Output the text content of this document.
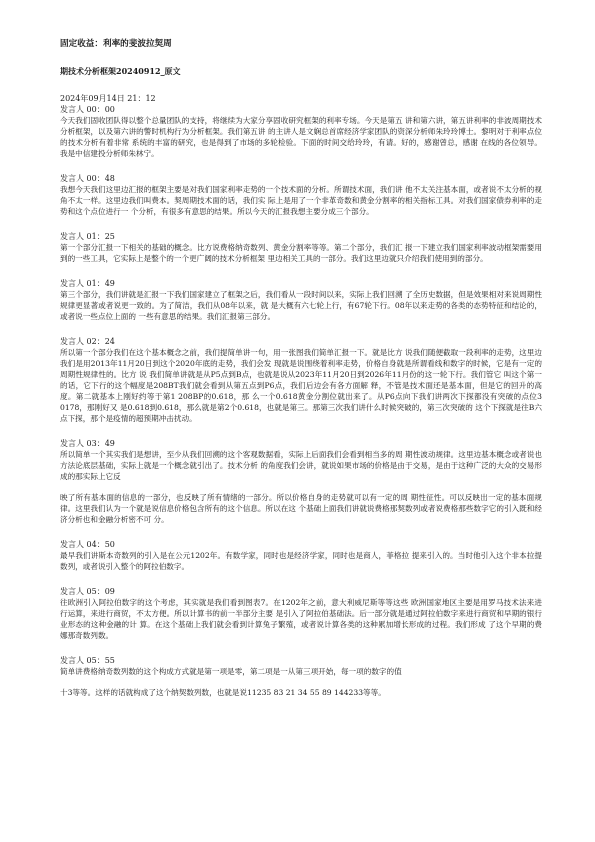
固定收益：利率的斐波拉契周
期技术分析框架20240912_原文
2024年09月14日 21：12
发言人 00：00

今天我们固收团队得以整个总量团队的支持，将继续为大家分享固收研究框架的利率专场。今天是第五 讲和第六讲，第五讲利率的非波周期技术分析框架，以及第六讲的警时机构行为分析框架。我们第五讲 的主讲人是文娴总首席经济学家团队的资深分析师朱玲玲博士。黎明对于利率点位的技术分析有着非常 系统的丰富的研究，也是得到了市场的多轮检验。下面的时间交给玲玲，有请。好的，感谢曾总，感谢 在线的各位领导。我是中信建投分析师朱林宁。

发言人 00：48

我想今天我们这里边汇报的框架主要是对我们国家利率走势的一个技术面的分析。所谓技术面，我们讲 他不太关注基本面，或者说不太分析的视角不太一样。这里边我们叫费本。契周期技术面的话，我们实 际上是用了一个非革奇数和黄金分割率的相关指标工具。对我们国家债券利率的走势和这个点位进行一 个分析，有很多有意思的结果。所以今天的汇报我想主要分成三个部分。

发言人 01：25

第一个部分汇报一下相关的基础的概念。比方说费格纳奇数列、黄金分割率等等。第二个部分，我们汇 报一下建立我们国家利率波动框架需要用到的一些工具，它实际上是整个的一个更广阔的技术分析框架 里边相关工具的一部分。我们这里边就只介绍我们使用到的部分。

发言人 01：49

第三个部分，我们讲就是汇报一下我们国家建立了框架之后，我们看从一段时间以来，实际上我们回溯 了全历史数据，但是效果相对来说周期性规律更显著或者说更一致的。为了简洁，我们从08年以来，就 是大概有六七轮上行，有67轮下行。08年以来走势的各类的态势特征和结论的，或者说一些点位上面的 一些有意思的结果。我们汇报第三部分。

发言人 02：24

所以第一个部分我们在这个基本概念之前，我们提简单讲一句，用一张图我们简单汇报一下。就是比方 说我们随便截取一段利率的走势，这里边我们是用2013年11月20日到这个2020年底的走势，我们会发 现就是说围绕着利率走势，价格自身就是所谓看线和数字的时候，它是有一定的周期性规律性的。比方 说 我们简单讲就是从P5点到B点，也就是说从2023年11月20日到2026年11月份的这一轮下行。我们管它 叫这个第一的话，它下行的这个幅度是208BT我们就会看到从第五点到P6点，我们后边会有各方面解 释，不管是技术面还是基本面，但是它的回升的高度。第二就基本上刚好约等于第1 208BP的0.618，那 么一个0.618黄金分割位就出来了。从P6点向下我们讲两次下探都没有突破的点位3 0178，那刚好又 是0.618到0.618，那么就是第2个0.618，也就是第三。那第三次我们讲什么时候突破的，第三次突破的 这个下探就是往B六点下探，那个是疫情的超预期冲击扰动。

发言人 03：49

所以简单一个其实我们是想讲，至少从我们回溯的这个客观数据看，实际上后面我们会看到相当多的周 期性波动规律。这里边基本概念或者说也方法论底层基础，实际上就是一个概念就引出了。技术分析 的角度我们会讲，就说如果市场的价格是由于交易，是由于这种广泛的大众的交易形成的那实际上它反

映了所有基本面的信息的一部分，也反映了所有情绪的一部分。所以价格自身的走势就可以有一定的周 期性征性。可以反映出一定的基本面规律。这里我们认为一个就是说信息价格包含所有的这个信息。所以在这 个基础上面我们讲就说费格那契数列或者说费格那些数字它的引入既和经济分析也和金融分析密不可 分。

发言人 04：50

最早我们讲斯本奇数列的引入是在公元1202年。有数学家，同时也是经济学家，同时也是商人，菲格拉 提来引入的。当时他引入这个非本拉提数列，或者说引入整个的阿拉伯数字。

发言人 05：09

往欧洲引入阿拉伯数字的这个考虑，其实就是我们看到图表7。在1202年之前，意大利威尼斯等等这些 欧洲国家地区主要是用罗马技术法来进行运算，来进行商贸，不太方便。所以计算书的前一半部分主要 是引入了阿拉伯基础法。后一部分就是通过阿拉伯数字来进行商贸和早期的银行业形态的这种金融的计 算。在这个基础上我们就会看到计算兔子繁殖，或者说计算各类的这种累加增长形成的过程。我们形成 了这个早期的费娜那奇数列数。

发言人 05：55

简单讲费格纳奇数列数的这个构成方式就是第一项是零，第二项是一从第三项开始，每一项的数字的值

十3等等。这样的话就构成了这个纳契数列数，也就是说11235 83 21 34 55 89 144233等等。
